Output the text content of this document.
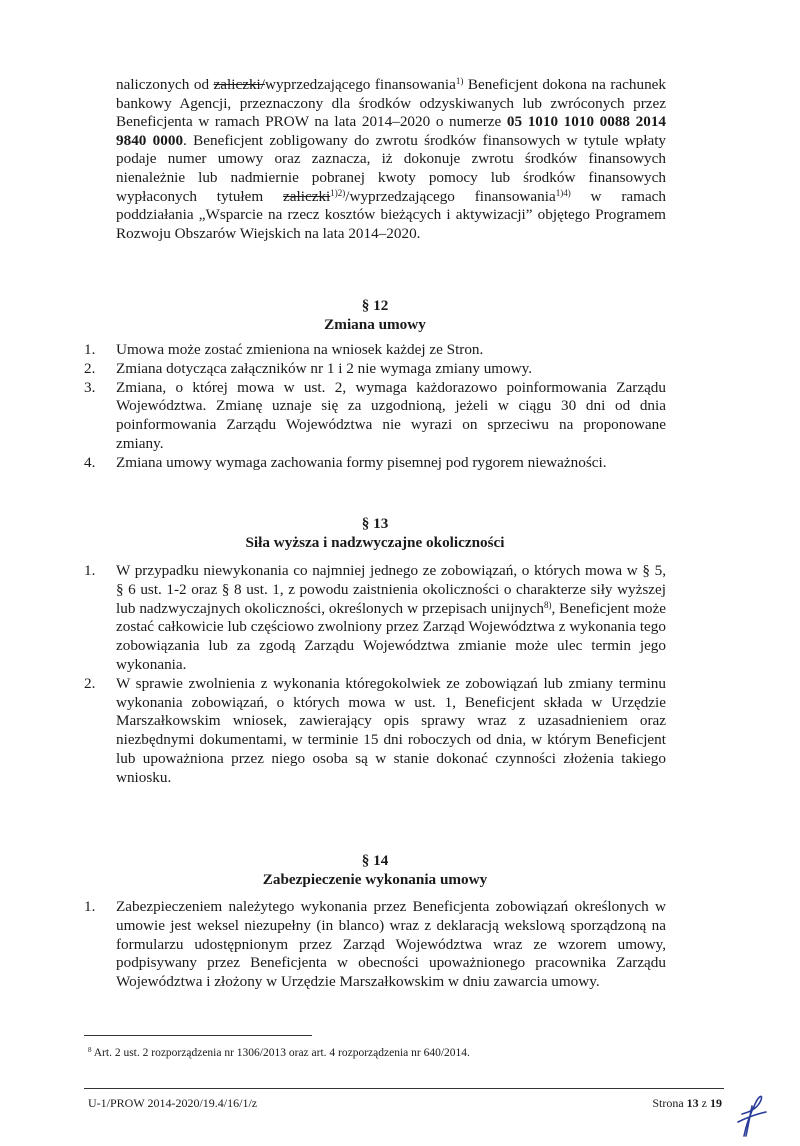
naliczonych od zaliczki/wyprzedzającego finansowania$^{1)}$ Beneficjent dokona na rachunek bankowy Agencji, przeznaczony dla środków odzyskiwanych lub zwróconych przez Beneficjenta w ramach PROW na lata 2014–2020 o numerze 05 1010 1010 0088 2014 9840 0000. Beneficjent zobligowany do zwrotu środków finansowych w tytule wpłaty podaje numer umowy oraz zaznacza, iż dokonuje zwrotu środków finansowych nienależnie lub nadmiernie pobranej kwoty pomocy lub środków finansowych wypłaconych tytułem zaliczki$^{1)2)}$/wyprzedzającego finansowania$^{1)4)}$ w ramach poddziałania „Wsparcie na rzecz kosztów bieżących i aktywizacji” objętego Programem Rozwoju Obszarów Wiejskich na lata 2014–2020.

§ 12
Zmiana umowy
1. Umowa może zostać zmieniona na wniosek każdej ze Stron.
2. Zmiana dotycząca załączników nr 1 i 2 nie wymaga zmiany umowy.
3. Zmiana, o której mowa w ust. 2, wymaga każdorazowo poinformowania Zarządu Województwa. Zmianę uznaje się za uzgodnioną, jeżeli w ciągu 30 dni od dnia poinformowania Zarządu Województwa nie wyrazi on sprzeciwu na proponowane zmiany.
4. Zmiana umowy wymaga zachowania formy pisemnej pod rygorem nieważności.
§ 13
Siła wyższa i nadzwyczajne okoliczności
1. W przypadku niewykonania co najmniej jednego ze zobowiązań, o których mowa w § 5, § 6 ust. 1-2 oraz § 8 ust. 1, z powodu zaistnienia okoliczności o charakterze siły wyższej lub nadzwyczajnych okoliczności, określonych w przepisach unijnych$^{8)}$, Beneficjent może zostać całkowicie lub częściowo zwolniony przez Zarząd Województwa z wykonania tego zobowiązania lub za zgodą Zarządu Województwa zmianie może ulec termin jego wykonania.
2. W sprawie zwolnienia z wykonania któregokolwiek ze zobowiązań lub zmiany terminu wykonania zobowiązań, o których mowa w ust. 1, Beneficjent składa w Urzędzie Marszałkowskim wniosek, zawierający opis sprawy wraz z uzasadnieniem oraz niezbędnymi dokumentami, w terminie 15 dni roboczych od dnia, w którym Beneficjent lub upoważniona przez niego osoba są w stanie dokonać czynności złożenia takiego wniosku.
§ 14
Zabezpieczenie wykonania umowy
1. Zabezpieczeniem należytego wykonania przez Beneficjenta zobowiązań określonych w umowie jest weksel niezupełny (in blanco) wraz z deklaracją wekslową sporządzoną na formularzu udostępnionym przez Zarząd Województwa wraz ze wzorem umowy, podpisywany przez Beneficjenta w obecności upoważnionego pracownika Zarządu Województwa i złożony w Urzędzie Marszałkowskim w dniu zawarcia umowy.
$^8$ Art. 2 ust. 2 rozporządzenia nr 1306/2013 oraz art. 4 rozporządzenia nr 640/2014.
U-1/PROW 2014-2020/19.4/16/1/z	Strona 13 z 19
